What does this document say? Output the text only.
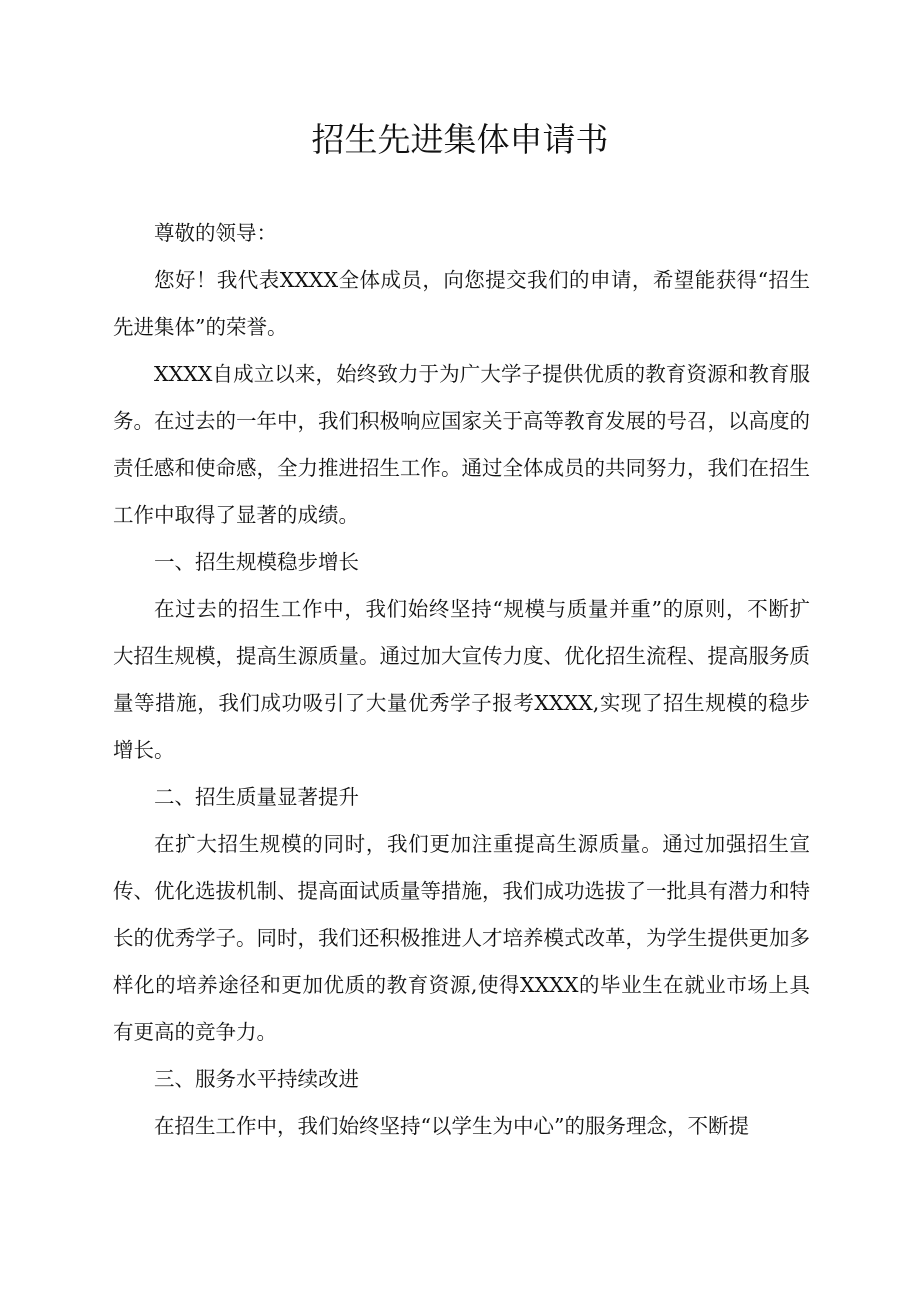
招生先进集体申请书

尊敬的领导：

您好！我代表XXXX全体成员，向您提交我们的申请，希望能获得“招生先进集体”的荣誉。

XXXX自成立以来，始终致力于为广大学子提供优质的教育资源和教育服务。在过去的一年中，我们积极响应国家关于高等教育发展的号召，以高度的责任感和使命感，全力推进招生工作。通过全体成员的共同努力，我们在招生工作中取得了显著的成绩。

一、招生规模稳步增长

在过去的招生工作中，我们始终坚持“规模与质量并重”的原则，不断扩大招生规模，提高生源质量。通过加大宣传力度、优化招生流程、提高服务质量等措施，我们成功吸引了大量优秀学子报考XXXX,实现了招生规模的稳步增长。

二、招生质量显著提升

在扩大招生规模的同时，我们更加注重提高生源质量。通过加强招生宣传、优化选拔机制、提高面试质量等措施，我们成功选拔了一批具有潜力和特长的优秀学子。同时，我们还积极推进人才培养模式改革，为学生提供更加多样化的培养途径和更加优质的教育资源,使得XXXX的毕业生在就业市场上具有更高的竞争力。

三、服务水平持续改进

在招生工作中，我们始终坚持“以学生为中心”的服务理念，不断提
